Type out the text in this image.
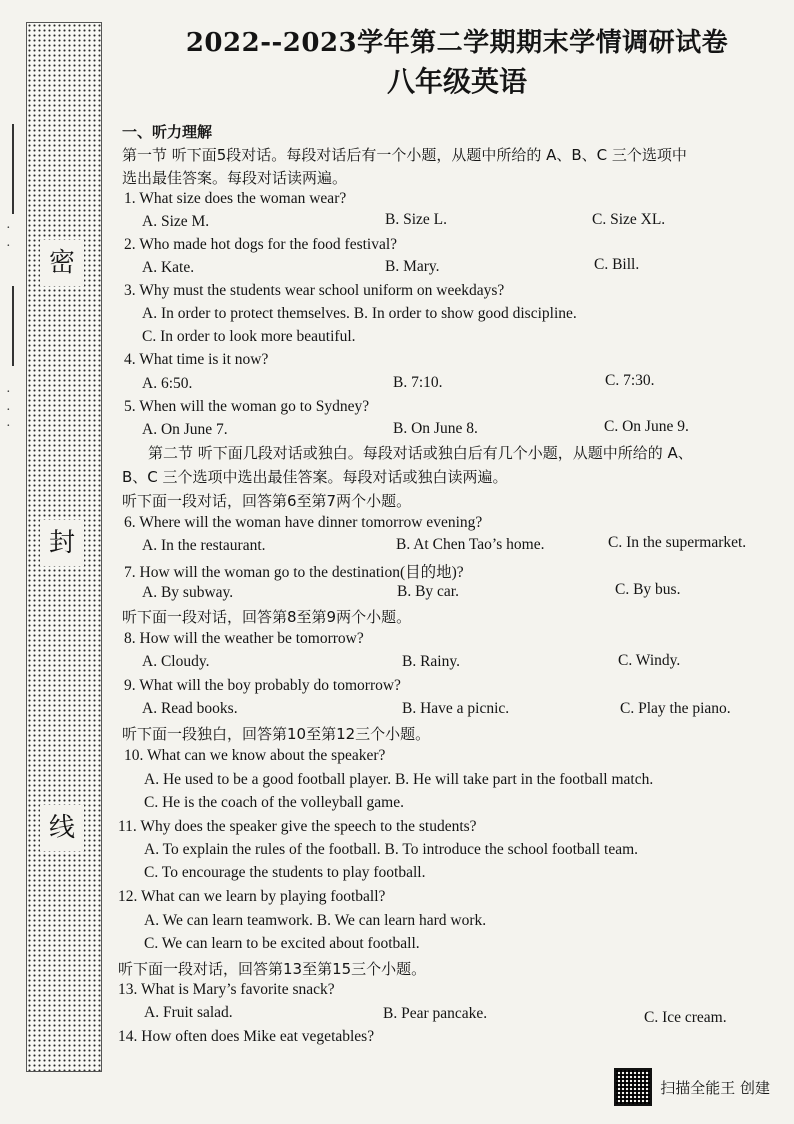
·
·
·
·
·
密
封
线
2022--2023学年第二学期期末学情调研试卷
八年级英语
一、听力理解
第一节 听下面5段对话。每段对话后有一个小题，从题中所给的 A、B、C 三个选项中
选出最佳答案。每段对话读两遍。
1. What size does the woman wear?
A. Size M.	B. Size L.	C. Size XL.
2. Who made hot dogs for the food festival?
A. Kate.	B. Mary.	C. Bill.
3. Why must the students wear school uniform on weekdays?
A. In order to protect themselves. B. In order to show good discipline.
C. In order to look more beautiful.
4. What time is it now?
A. 6:50.	B. 7:10.	C. 7:30.
5. When will the woman go to Sydney?
A. On June 7.	B. On June 8.	C. On June 9.
第二节 听下面几段对话或独白。每段对话或独白后有几个小题，从题中所给的 A、
B、C 三个选项中选出最佳答案。每段对话或独白读两遍。
听下面一段对话，回答第6至第7两个小题。
6. Where will the woman have dinner tomorrow evening?
A. In the restaurant.	B. At Chen Tao’s home.	C. In the supermarket.
7. How will the woman go to the destination(目的地)?
A. By subway.	B. By car.	C. By bus.
听下面一段对话，回答第8至第9两个小题。
8. How will the weather be tomorrow?
A. Cloudy.	B. Rainy.	C. Windy.
9. What will the boy probably do tomorrow?
A. Read books.	B. Have a picnic.	C. Play the piano.
听下面一段独白，回答第10至第12三个小题。
10. What can we know about the speaker?
A. He used to be a good football player. B. He will take part in the football match.
C. He is the coach of the volleyball game.
11. Why does the speaker give the speech to the students?
A. To explain the rules of the football. B. To introduce the school football team.
C. To encourage the students to play football.
12. What can we learn by playing football?
A. We can learn teamwork. B. We can learn hard work.
C. We can learn to be excited about football.
听下面一段对话，回答第13至第15三个小题。
13. What is Mary’s favorite snack?
A. Fruit salad.	B. Pear pancake.	C. Ice cream.
14. How often does Mike eat vegetables?
扫描全能王 创建
